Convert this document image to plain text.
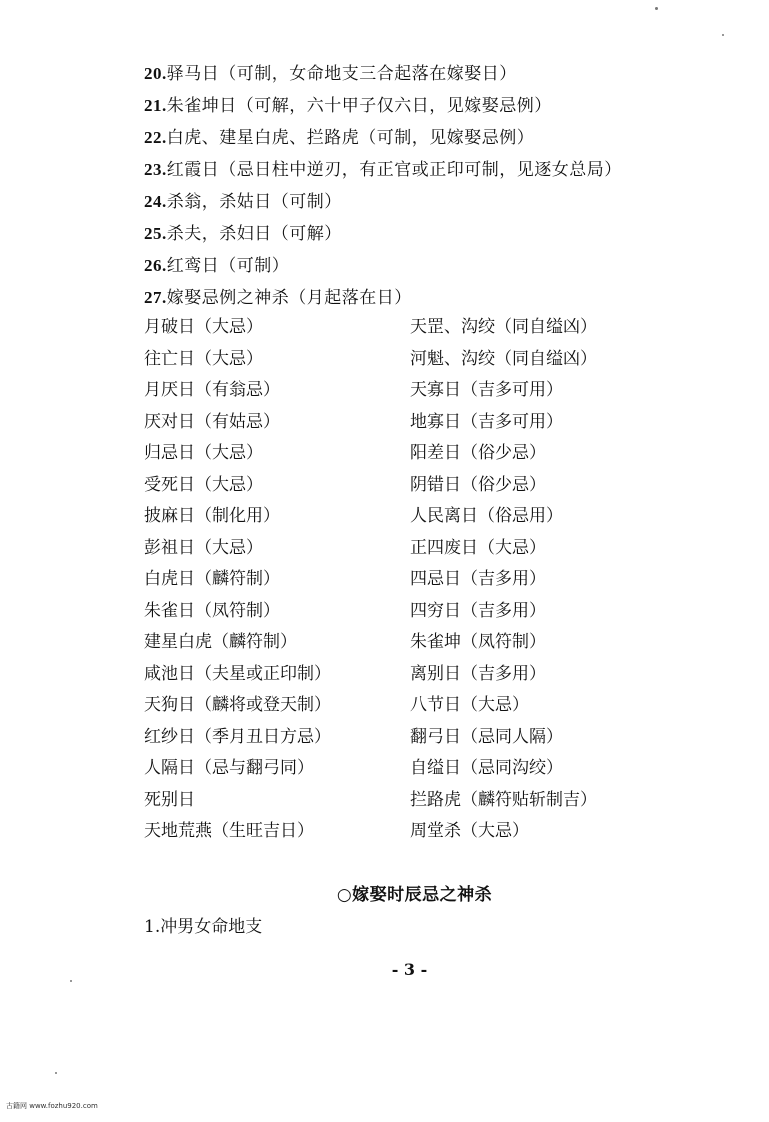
20.驿马日（可制，女命地支三合起落在嫁娶日）
21.朱雀坤日（可解，六十甲子仅六日，见嫁娶忌例）
22.白虎、建星白虎、拦路虎（可制，见嫁娶忌例）
23.红霞日（忌日柱中逆刃，有正官或正印可制，见逐女总局）
24.杀翁，杀姑日（可制）
25.杀夫，杀妇日（可解）
26.红鸾日（可制）
27.嫁娶忌例之神杀（月起落在日）
月破日（大忌）	天罡、沟绞（同自缢凶）
往亡日（大忌）	河魁、沟绞（同自缢凶）
月厌日（有翁忌）	天寡日（吉多可用）
厌对日（有姑忌）	地寡日（吉多可用）
归忌日（大忌）	阳差日（俗少忌）
受死日（大忌）	阴错日（俗少忌）
披麻日（制化用）	人民离日（俗忌用）
彭祖日（大忌）	正四废日（大忌）
白虎日（麟符制）	四忌日（吉多用）
朱雀日（凤符制）	四穷日（吉多用）
建星白虎（麟符制）	朱雀坤（凤符制）
咸池日（夫星或正印制）	离别日（吉多用）
天狗日（麟将或登天制）	八节日（大忌）
红纱日（季月丑日方忌）	翻弓日（忌同人隔）
人隔日（忌与翻弓同）	自缢日（忌同沟绞）
死别日	拦路虎（麟符贴斩制吉）
天地荒燕（生旺吉日）	周堂杀（大忌）
○嫁娶时辰忌之神杀
1.冲男女命地支
- 3 -
古籍网 www.fozhu920.com
